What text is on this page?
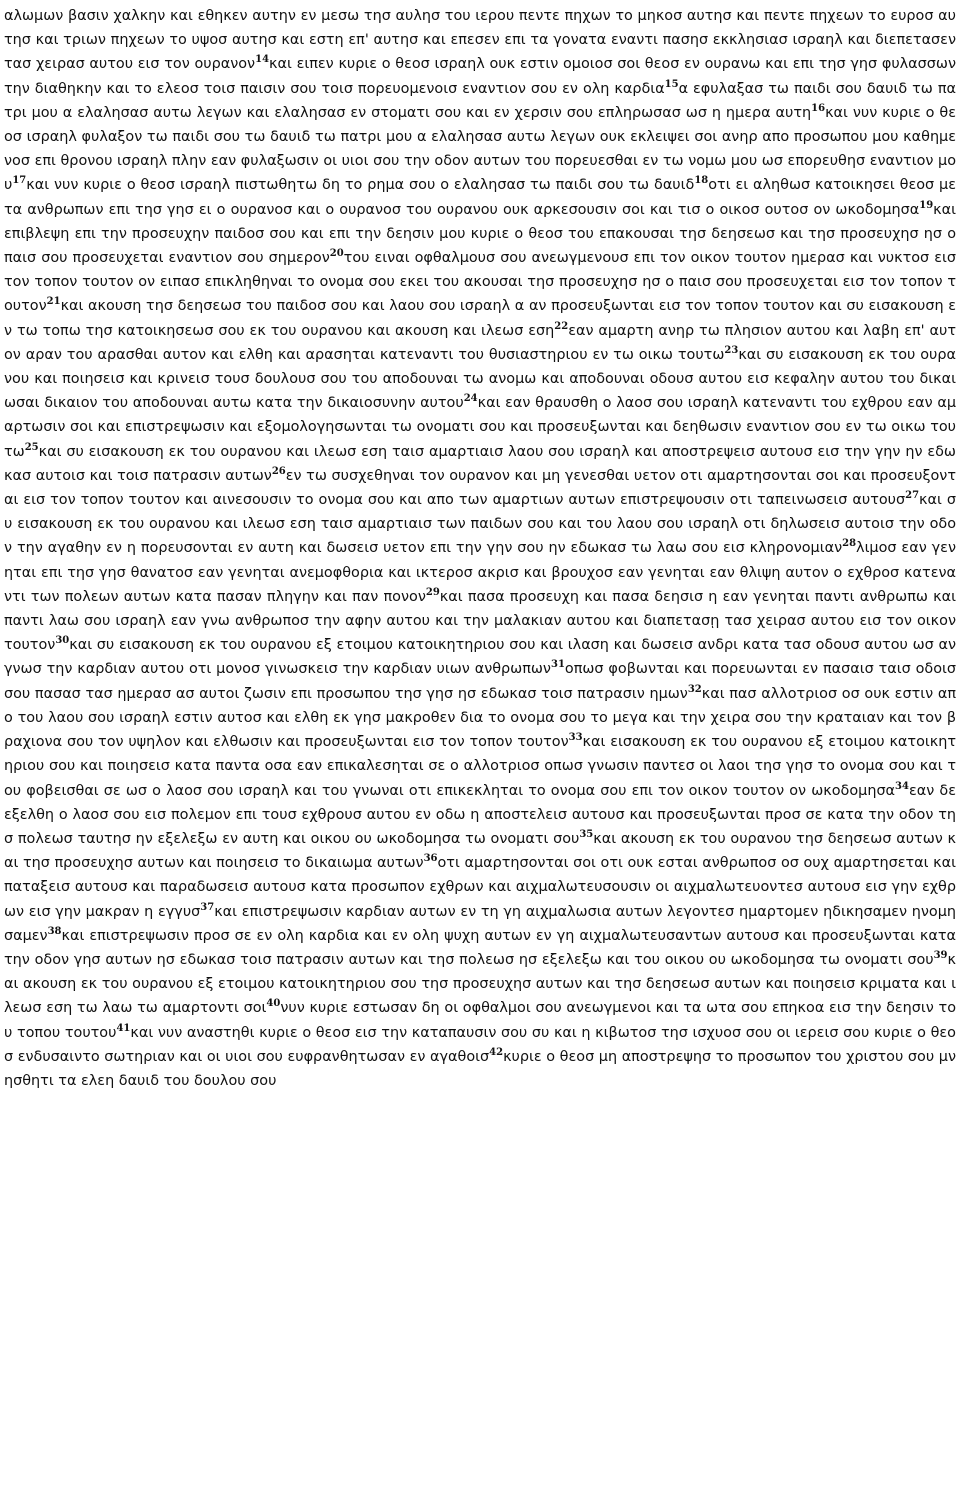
αλωμων βασιν χαλκην και εθηκεν αυτην εν μεσω τησ αυλησ του ιερου πεντε πηχων το μηκοσ αυτησ και πεντε πηχεων το ευροσ αυτησ και τριων πηχεων το υψοσ αυτησ και εστη επ' αυτησ και επεσεν επι τα γονατα εναντι πασησ εκκλησιασ ισραηλ και διεπετασεν τασ χειρασ αυτου εισ τον ουρανον$^{14}$και ειπεν κυριε ο θεοσ ισραηλ ουκ εστιν ομοιοσ σοι θεοσ εν ουρανω και επι τησ γησ φυλασσων την διαθηκην και το ελεοσ τοισ παισιν σου τοισ πορευομενοισ εναντιον σου εν ολη καρδια$^{15}$α εφυλαξασ τω παιδι σου δαυιδ τω πατρι μου α ελαλησασ αυτω λεγων και ελαλησασ εν στοματι σου και εν χερσιν σου επληρωσασ ωσ η ημερα αυτη$^{16}$και νυν κυριε ο θεοσ ισραηλ φυλαξον τω παιδι σου τω δαυιδ τω πατρι μου α ελαλησασ αυτω λεγων ουκ εκλειψει σοι ανηρ απο προσωπου μου καθημενοσ επι θρονου ισραηλ πλην εαν φυλαξωσιν οι υιοι σου την οδον αυτων του πορευεσθαι εν τω νομω μου ωσ επορευθησ εναντιον μου$^{17}$και νυν κυριε ο θεοσ ισραηλ πιστωθητω δη το ρημα σου ο ελαλησασ τω παιδι σου τω δαυιδ$^{18}$οτι ει αληθωσ κατοικησει θεοσ μετα ανθρωπων επι τησ γησ ει ο ουρανοσ και ο ουρανοσ του ουρανου ουκ αρκεσουσιν σοι και τισ ο οικοσ ουτοσ ον ωκοδομησα$^{19}$και επιβλεψη επι την προσευχην παιδοσ σου και επι την δεησιν μου κυριε ο θεοσ του επακουσαι τησ δεησεωσ και τησ προσευχησ ησ ο παισ σου προσευχεται εναντιον σου σημερον$^{20}$του ειναι οφθαλμουσ σου ανεωγμενουσ επι τον οικον τουτον ημερασ και νυκτοσ εισ τον τοπον τουτον ον ειπασ επικληθηναι το ονομα σου εκει του ακουσαι τησ προσευχησ ησ ο παισ σου προσευχεται εισ τον τοπον τουτον$^{21}$και ακουση τησ δεησεωσ του παιδοσ σου και λαου σου ισραηλ α αν προσευξωνται εισ τον τοπον τουτον και συ εισακουση εν τω τοπω τησ κατοικησεωσ σου εκ του ουρανου και ακουση και ιλεωσ εση$^{22}$εαν αμαρτη ανηρ τω πλησιον αυτου και λαβη επ' αυτον αραν του αρασθαι αυτον και ελθη και αρασηται κατεναντι του θυσιαστηριου εν τω οικω τουτω$^{23}$και συ εισακουση εκ του ουρανου και ποιησεισ και κρινεισ τουσ δουλουσ σου του αποδουναι τω ανομω και αποδουναι οδουσ αυτου εισ κεφαλην αυτου του δικαιωσαι δικαιον του αποδουναι αυτω κατα την δικαιοσυνην αυτου$^{24}$και εαν θραυσθη ο λαοσ σου ισραηλ κατεναντι του εχθρου εαν αμαρτωσιν σοι και επιστρεψωσιν και εξομολογησωνται τω ονοματι σου και προσευξωνται και δεηθωσιν εναντιον σου εν τω οικω τουτω$^{25}$και συ εισακουση εκ του ουρανου και ιλεωσ εση ταισ αμαρτιαισ λαου σου ισραηλ και αποστρεψεισ αυτουσ εισ την γην ην εδωκασ αυτοισ και τοισ πατρασιν αυτων$^{26}$εν τω συσχεθηναι τον ουρανον και μη γενεσθαι υετον οτι αμαρτησονται σοι και προσευξονται εισ τον τοπον τουτον και αινεσουσιν το ονομα σου και απο των αμαρτιων αυτων επιστρεψουσιν οτι ταπεινωσεισ αυτουσ$^{27}$και συ εισακουση εκ του ουρανου και ιλεωσ εση ταισ αμαρτιαισ των παιδων σου και του λαου σου ισραηλ οτι δηλωσεισ αυτοισ την οδον την αγαθην εν η πορευσονται εν αυτη και δωσεισ υετον επι την γην σου ην εδωκασ τω λαω σου εισ κληρονομιαν$^{28}$λιμοσ εαν γενηται επι τησ γησ θανατοσ εαν γενηται ανεμοφθορια και ικτεροσ ακρισ και βρουχοσ εαν γενηται εαν θλιψη αυτον ο εχθροσ κατεναντι των πολεων αυτων κατα πασαν πληγην και παν πονον$^{29}$και πασα προσευχη και πασα δεησισ η εαν γενηται παντι ανθρωπω και παντι λαω σου ισραηλ εαν γνω ανθρωποσ την αφην αυτου και την μαλακιαν αυτου και διαπετασῃ τασ χειρασ αυτου εισ τον οικον τουτον$^{30}$και συ εισακουση εκ του ουρανου εξ ετοιμου κατοικητηριου σου και ιλαση και δωσεισ ανδρι κατα τασ οδουσ αυτου ωσ αν γνωσ την καρδιαν αυτου οτι μονοσ γινωσκεισ την καρδιαν υιων ανθρωπων$^{31}$οπωσ φοβωνται και πορευωνται εν πασαισ ταισ οδοισ σου πασασ τασ ημερασ ασ αυτοι ζωσιν επι προσωπου τησ γησ ησ εδωκασ τοισ πατρασιν ημων$^{32}$και πασ αλλοτριοσ οσ ουκ εστιν απο του λαου σου ισραηλ εστιν αυτοσ και ελθη εκ γησ μακροθεν δια το ονομα σου το μεγα και την χειρα σου την κραταιαν και τον βραχιονα σου τον υψηλον και ελθωσιν και προσευξωνται εισ τον τοπον τουτον$^{33}$και εισακουση εκ του ουρανου εξ ετοιμου κατοικητηριου σου και ποιησεισ κατα παντα οσα εαν επικαλεσηται σε ο αλλοτριοσ οπωσ γνωσιν παντεσ οι λαοι τησ γησ το ονομα σου και του φοβεισθαι σε ωσ ο λαοσ σου ισραηλ και του γνωναι οτι επικεκληται το ονομα σου επι τον οικον τουτον ον ωκοδομησα$^{34}$εαν δε εξελθη ο λαοσ σου εισ πολεμον επι τουσ εχθρουσ αυτου εν οδω η αποστελεισ αυτουσ και προσευξωνται προσ σε κατα την οδον τησ πολεωσ ταυτησ ην εξελεξω εν αυτη και οικου ου ωκοδομησα τω ονοματι σου$^{35}$και ακουση εκ του ουρανου τησ δεησεωσ αυτων και τησ προσευχησ αυτων και ποιησεισ το δικαιωμα αυτων$^{36}$οτι αμαρτησονται σοι οτι ουκ εσται ανθρωποσ οσ ουχ αμαρτησεται και παταξεισ αυτουσ και παραδωσεισ αυτουσ κατα προσωπον εχθρων και αιχμαλωτευσουσιν οι αιχμαλωτευοντεσ αυτουσ εισ γην εχθρων εισ γην μακραν η εγγυσ$^{37}$και επιστρεψωσιν καρδιαν αυτων εν τη γη αιχμαλωσια αυτων λεγοντεσ ημαρτομεν ηδικησαμεν ηνομησαμεν$^{38}$και επιστρεψωσιν προσ σε εν ολη καρδια και εν ολη ψυχη αυτων εν γη αιχμαλωτευσαντων αυτουσ και προσευξωνται κατα την οδον γησ αυτων ησ εδωκασ τοισ πατρασιν αυτων και τησ πολεωσ ησ εξελεξω και του οικου ου ωκοδομησα τω ονοματι σου$^{39}$και ακουση εκ του ουρανου εξ ετοιμου κατοικητηριου σου τησ προσευχησ αυτων και τησ δεησεωσ αυτων και ποιησεισ κριματα και ιλεωσ εση τω λαω τω αμαρτοντι σοι$^{40}$νυν κυριε εστωσαν δη οι οφθαλμοι σου ανεωγμενοι και τα ωτα σου επηκοα εισ την δεησιν του τοπου τουτου$^{41}$και νυν αναστηθι κυριε ο θεοσ εισ την καταπαυσιν σου συ και η κιβωτοσ τησ ισχυοσ σου οι ιερεισ σου κυριε ο θεοσ ενδυσαιντο σωτηριαν και οι υιοι σου ευφρανθητωσαν εν αγαθοισ$^{42}$κυριε ο θεοσ μη αποστρεψησ το προσωπον του χριστου σου μνησθητι τα ελεη δαυιδ του δουλου σου
